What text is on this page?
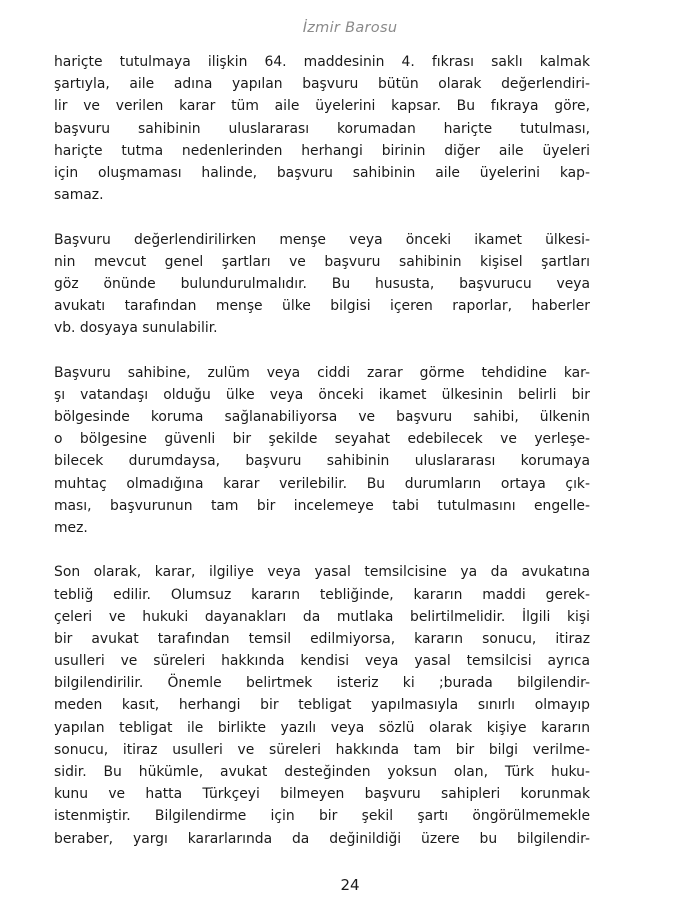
İzmir Barosu
hariçte tutulmaya ilişkin 64. maddesinin 4. fıkrası saklı kalmak
şartıyla, aile adına yapılan başvuru bütün olarak değerlendiri-
lir ve verilen karar tüm aile üyelerini kapsar. Bu fıkraya göre,
başvuru sahibinin uluslararası korumadan hariçte tutulması,
hariçte tutma nedenlerinden herhangi birinin diğer aile üyeleri
için oluşmaması halinde, başvuru sahibinin aile üyelerini kap-
samaz.
Başvuru değerlendirilirken menşe veya önceki ikamet ülkesi-
nin mevcut genel şartları ve başvuru sahibinin kişisel şartları
göz önünde bulundurulmalıdır. Bu hususta, başvurucu veya
avukatı tarafından menşe ülke bilgisi içeren raporlar, haberler
vb. dosyaya sunulabilir.
Başvuru sahibine, zulüm veya ciddi zarar görme tehdidine kar-
şı vatandaşı olduğu ülke veya önceki ikamet ülkesinin belirli bir
bölgesinde koruma sağlanabiliyorsa ve başvuru sahibi, ülkenin
o bölgesine güvenli bir şekilde seyahat edebilecek ve yerleşe-
bilecek durumdaysa, başvuru sahibinin uluslararası korumaya
muhtaç olmadığına karar verilebilir. Bu durumların ortaya çık-
ması, başvurunun tam bir incelemeye tabi tutulmasını engelle-
mez.
Son olarak, karar, ilgiliye veya yasal temsilcisine ya da avukatına
tebliğ edilir. Olumsuz kararın tebliğinde, kararın maddi gerek-
çeleri ve hukuki dayanakları da mutlaka belirtilmelidir. İlgili kişi
bir avukat tarafından temsil edilmiyorsa, kararın sonucu, itiraz
usulleri ve süreleri hakkında kendisi veya yasal temsilcisi ayrıca
bilgilendirilir. Önemle belirtmek isteriz ki ;burada bilgilendir-
meden kasıt, herhangi bir tebligat yapılmasıyla sınırlı olmayıp
yapılan tebligat ile birlikte yazılı veya sözlü olarak kişiye kararın
sonucu, itiraz usulleri ve süreleri hakkında tam bir bilgi verilme-
sidir. Bu hükümle, avukat desteğinden yoksun olan, Türk huku-
kunu ve hatta Türkçeyi bilmeyen başvuru sahipleri korunmak
istenmiştir. Bilgilendirme için bir şekil şartı öngörülmemekle
beraber, yargı kararlarında da değinildiği üzere bu bilgilendir-
24
